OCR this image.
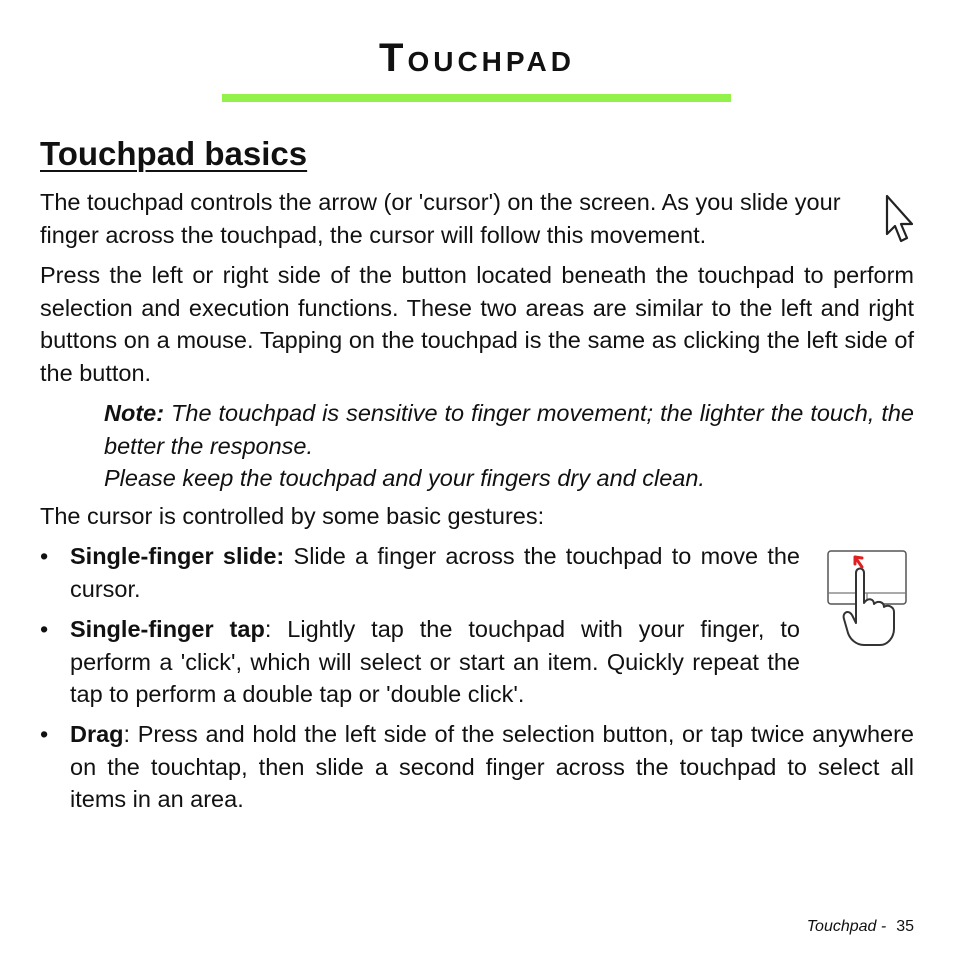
Touchpad
Touchpad basics

The touchpad controls the arrow (or 'cursor') on the screen. As you slide your finger across the touchpad, the cursor will follow this movement.

Press the left or right side of the button located beneath the touchpad to perform selection and execution functions. These two areas are similar to the left and right buttons on a mouse. Tapping on the touchpad is the same as clicking the left side of the button.

Note: The touchpad is sensitive to finger movement; the lighter the touch, the better the response.

Please keep the touchpad and your fingers dry and clean.

The cursor is controlled by some basic gestures:

• Single-finger slide: Slide a finger across the touchpad to move the cursor.
• Single-finger tap: Lightly tap the touchpad with your finger, to perform a 'click', which will select or start an item. Quickly repeat the tap to perform a double tap or 'double click'.
• Drag: Press and hold the left side of the selection button, or tap twice anywhere on the touchtap, then slide a second finger across the touchpad to select all items in an area.
Touchpad - 35
